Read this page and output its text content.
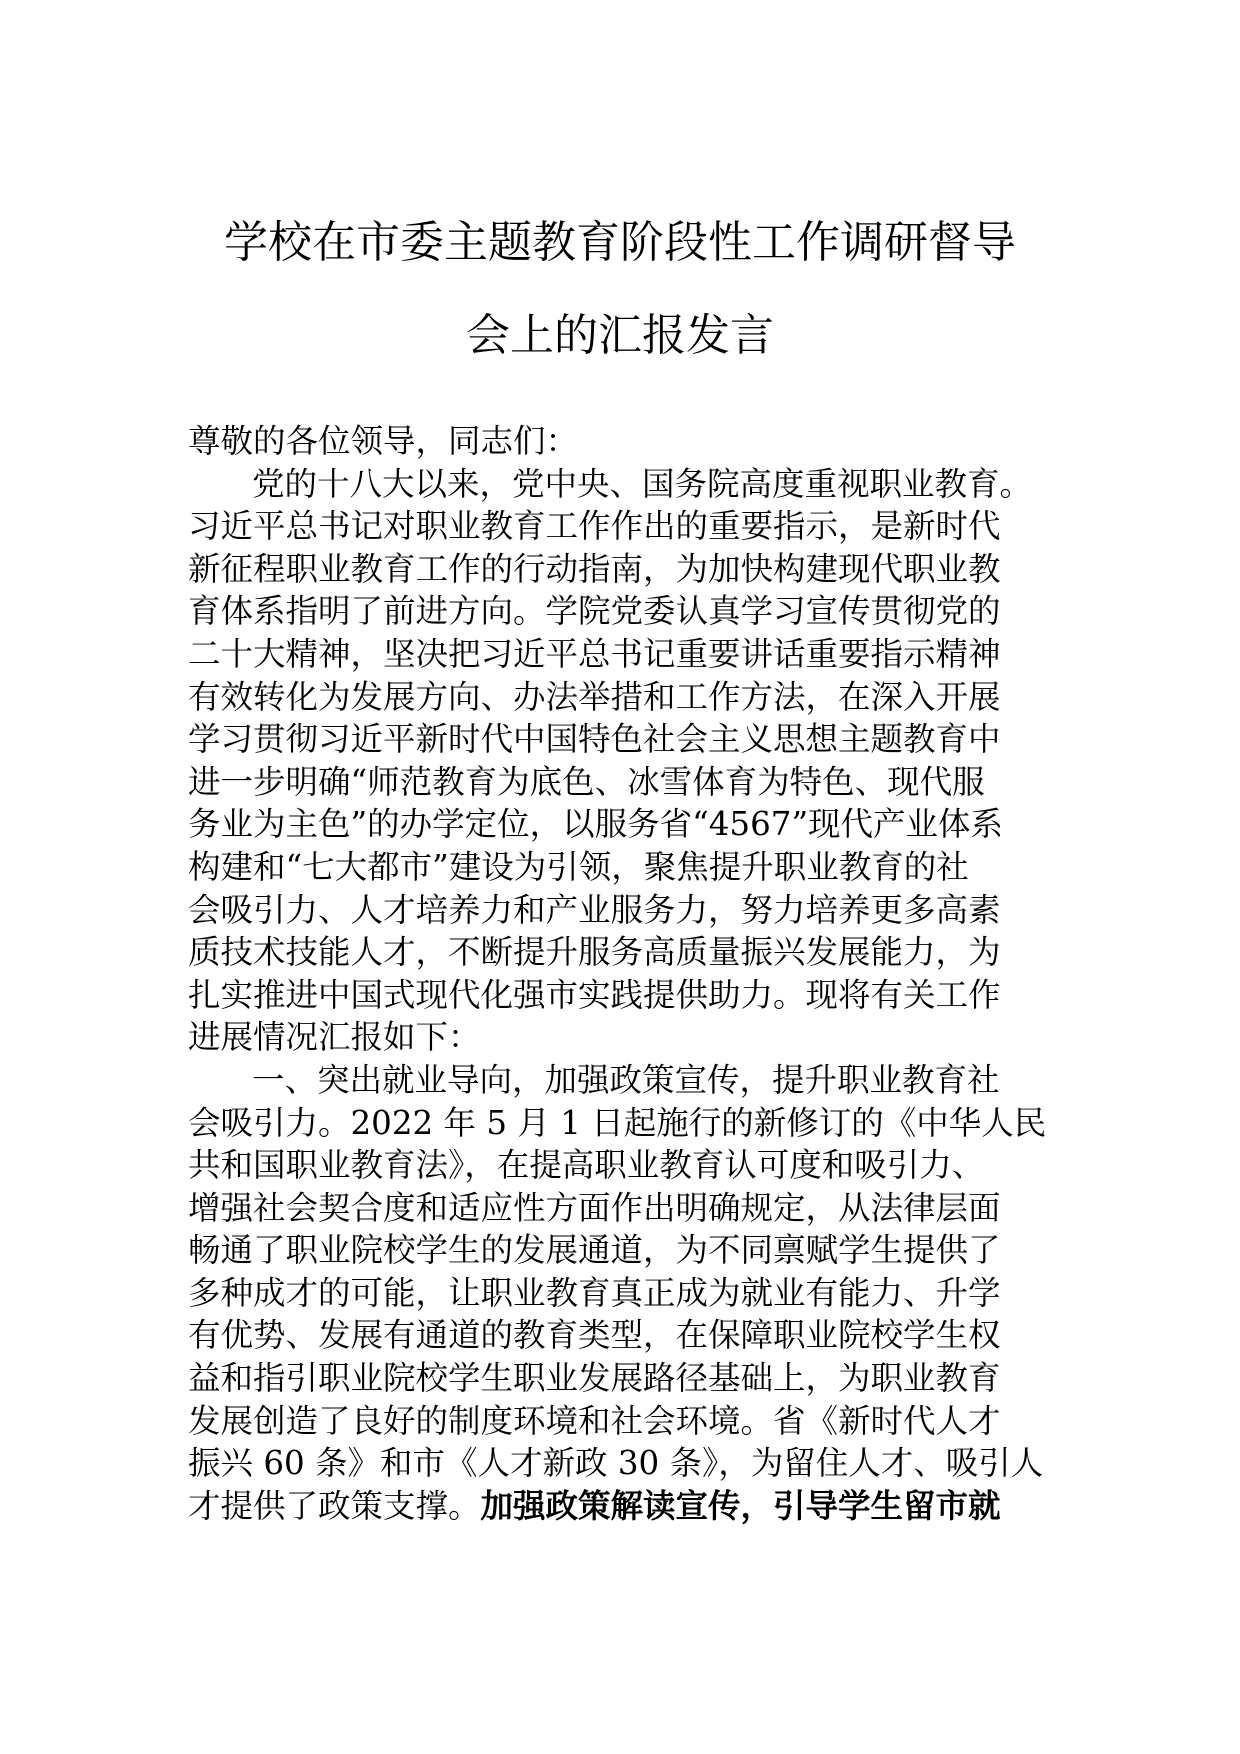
学校在市委主题教育阶段性工作调研督导
会上的汇报发言
尊敬的各位领导，同志们：
党的十八大以来，党中央、国务院高度重视职业教育。
习近平总书记对职业教育工作作出的重要指示，是新时代
新征程职业教育工作的行动指南，为加快构建现代职业教
育体系指明了前进方向。学院党委认真学习宣传贯彻党的
二十大精神，坚决把习近平总书记重要讲话重要指示精神
有效转化为发展方向、办法举措和工作方法，在深入开展
学习贯彻习近平新时代中国特色社会主义思想主题教育中
进一步明确“师范教育为底色、冰雪体育为特色、现代服
务业为主色”的办学定位，以服务省“4567”现代产业体系
构建和“七大都市”建设为引领，聚焦提升职业教育的社
会吸引力、人才培养力和产业服务力，努力培养更多高素
质技术技能人才，不断提升服务高质量振兴发展能力，为
扎实推进中国式现代化强市实践提供助力。现将有关工作
进展情况汇报如下：
一、突出就业导向，加强政策宣传，提升职业教育社
会吸引力。2022 年 5 月 1 日起施行的新修订的《中华人民
共和国职业教育法》，在提高职业教育认可度和吸引力、
增强社会契合度和适应性方面作出明确规定，从法律层面
畅通了职业院校学生的发展通道，为不同禀赋学生提供了
多种成才的可能，让职业教育真正成为就业有能力、升学
有优势、发展有通道的教育类型，在保障职业院校学生权
益和指引职业院校学生职业发展路径基础上，为职业教育
发展创造了良好的制度环境和社会环境。省《新时代人才
振兴 60 条》和市《人才新政 30 条》，为留住人才、吸引人
才提供了政策支撑。加强政策解读宣传，引导学生留市就
